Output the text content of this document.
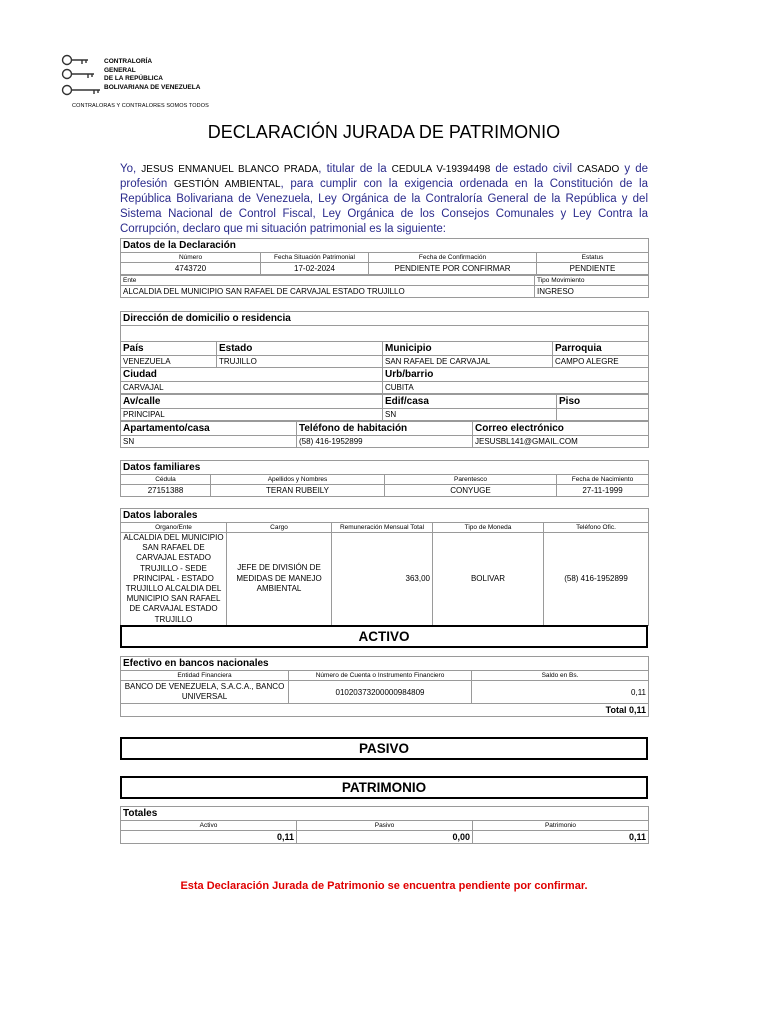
CONTRALORÍA
GENERAL
DE LA REPÚBLICA
BOLIVARIANA DE VENEZUELA
CONTRALORAS Y CONTRALORES SOMOS TODOS
DECLARACIÓN JURADA DE PATRIMONIO
Yo, JESUS ENMANUEL BLANCO PRADA, titular de la CEDULA V-19394498 de estado civil CASADO y de profesión GESTIÓN AMBIENTAL, para cumplir con la exigencia ordenada en la Constitución de la República Bolivariana de Venezuela, Ley Orgánica de la Contraloría General de la República y del Sistema Nacional de Control Fiscal, Ley Orgánica de los Consejos Comunales y Ley Contra la Corrupción, declaro que mi situación patrimonial es la siguiente:
Datos de la Declaración			
Número	Fecha Situación Patrimonial	Fecha de Confirmación	Estatus
4743720	17-02-2024	PENDIENTE POR CONFIRMAR	PENDIENTE
Ente	Tipo Movimiento
ALCALDIA DEL MUNICIPIO SAN RAFAEL DE CARVAJAL ESTADO TRUJILLO	INGRESO
Dirección de domicilio o residencia			

País	Estado	Municipio	Parroquia
VENEZUELA	TRUJILLO	SAN RAFAEL DE CARVAJAL	CAMPO ALEGRE
Ciudad		Urb/barrio	
CARVAJAL		CUBITA	
Av/calle	Edif/casa	Piso
PRINCIPAL	SN	
Apartamento/casa	Teléfono de habitación	Correo electrónico
SN	(58) 416-1952899	JESUSBL141@GMAIL.COM
Datos familiares			
Cédula	Apellidos y Nombres	Parentesco	Fecha de Nacimiento
27151388	TERAN RUBEILY	CONYUGE	27-11-1999
Datos laborales				
Organo/Ente	Cargo	Remuneración Mensual Total	Tipo de Moneda	Teléfono Ofic.
ALCALDIA DEL MUNICIPIO SAN RAFAEL DE CARVAJAL ESTADO TRUJILLO - SEDE PRINCIPAL - ESTADO TRUJILLO ALCALDIA DEL MUNICIPIO SAN RAFAEL DE CARVAJAL ESTADO TRUJILLO	JEFE DE DIVISIÓN DE MEDIDAS DE MANEJO AMBIENTAL	363,00	BOLIVAR	(58) 416-1952899
ACTIVO
Efectivo en bancos nacionales		
Entidad Financiera	Número de Cuenta o Instrumento Financiero	Saldo en Bs.
BANCO DE VENEZUELA, S.A.C.A., BANCO UNIVERSAL	01020373200000984809	0,11
Total 0,11		
PASIVO
PATRIMONIO
Totales		
Activo	Pasivo	Patrimonio
0,11	0,00	0,11
Esta Declaración Jurada de Patrimonio se encuentra pendiente por confirmar.
